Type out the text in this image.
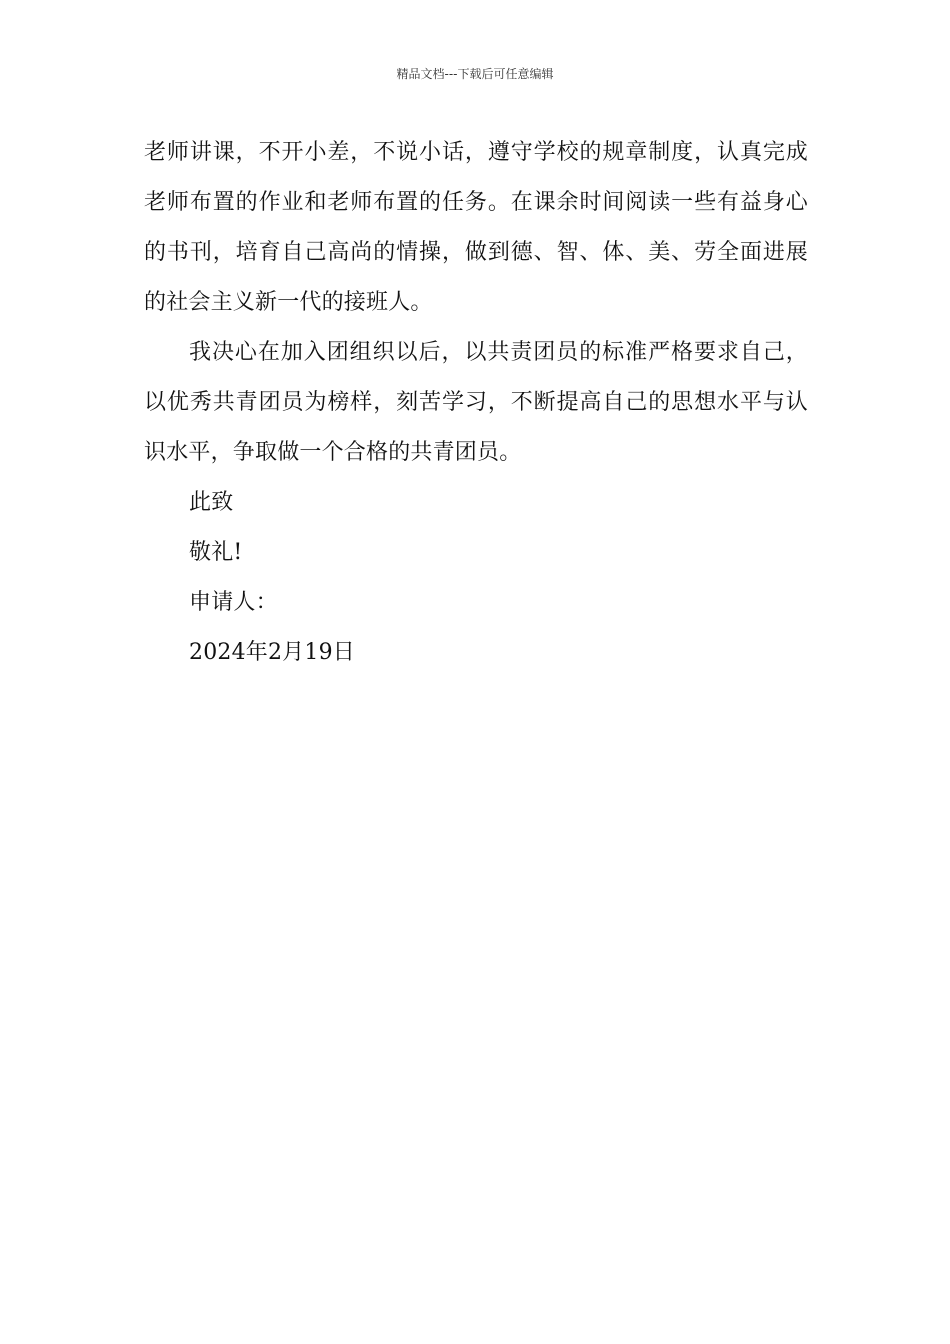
精品文档---下载后可任意编辑
老师讲课，不开小差，不说小话，遵守学校的规章制度，认真完成
老师布置的作业和老师布置的任务。在课余时间阅读一些有益身心
的书刊，培育自己高尚的情操，做到德、智、体、美、劳全面进展
的社会主义新一代的接班人。
我决心在加入团组织以后，以共责团员的标准严格要求自己，
以优秀共青团员为榜样，刻苦学习，不断提高自己的思想水平与认
识水平，争取做一个合格的共青团员。
此致
敬礼!
申请人：
2024年2月19日
